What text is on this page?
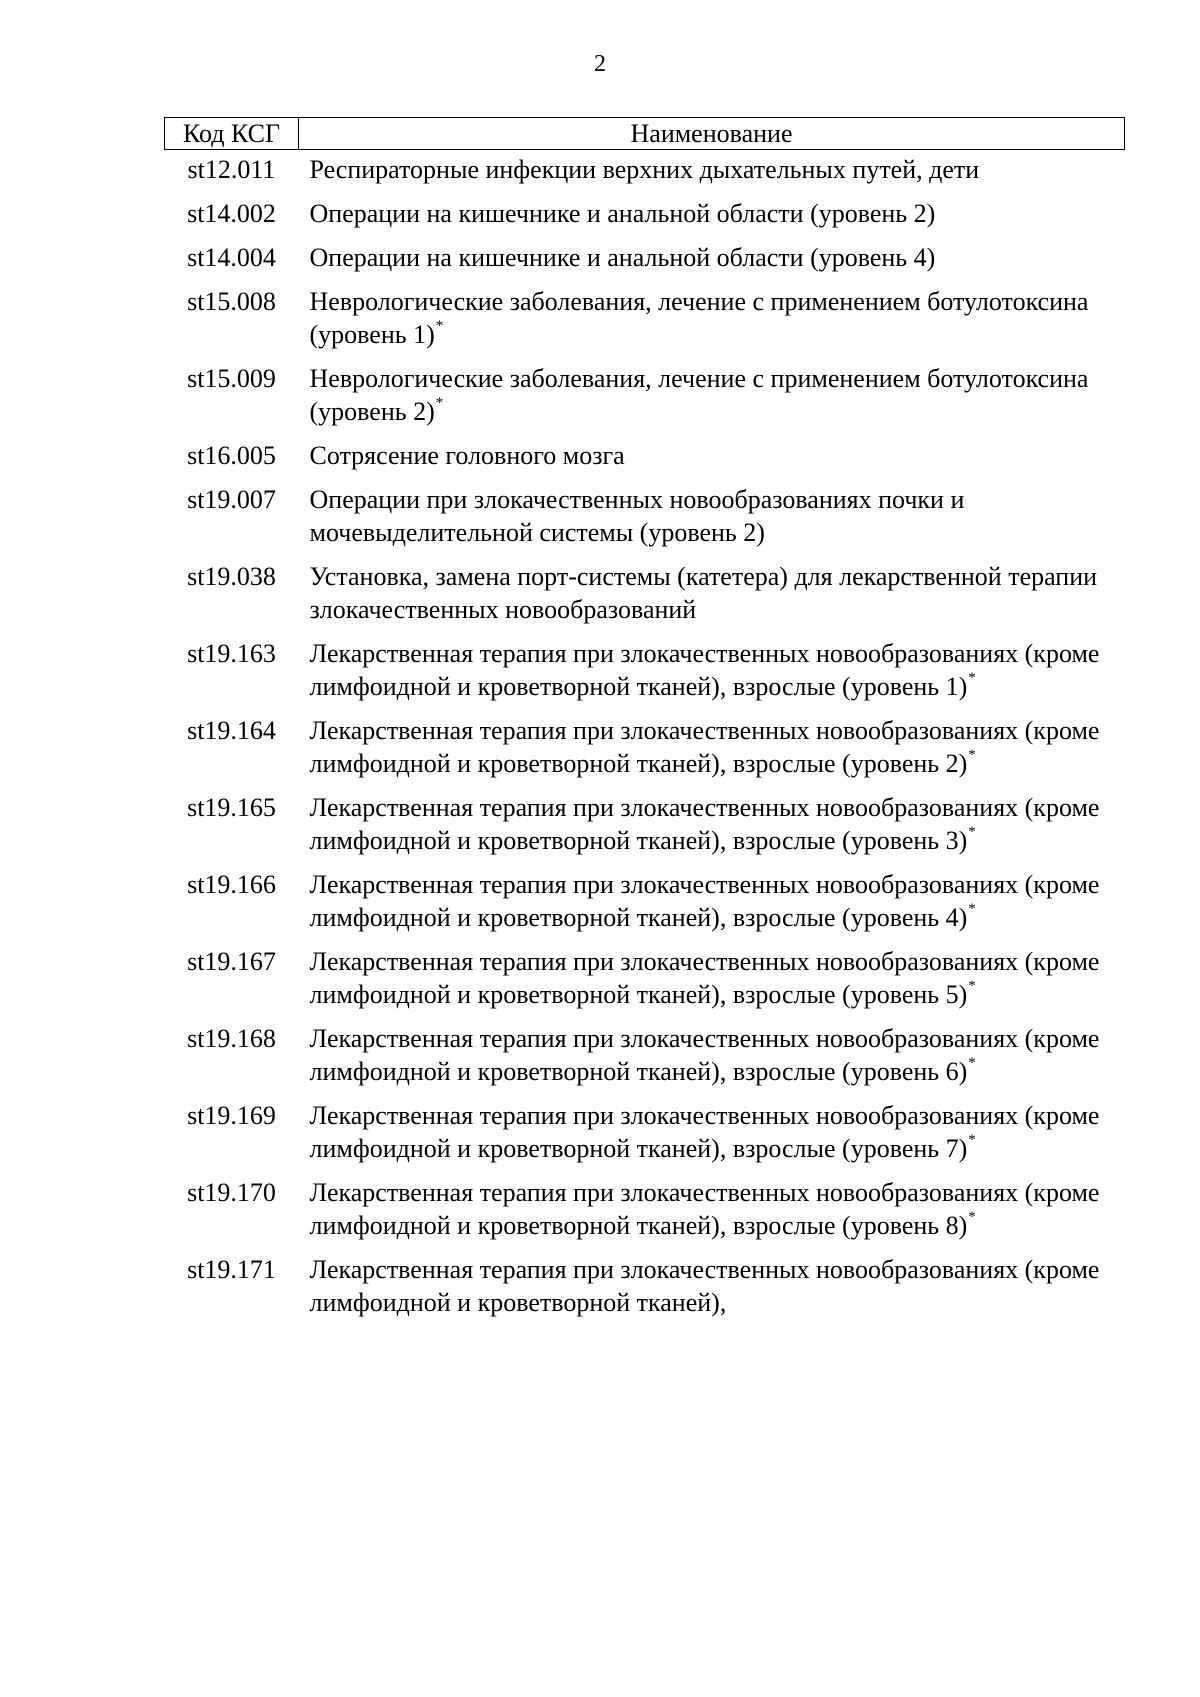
2
Код КСГ	Наименование
st12.011	Респираторные инфекции верхних дыхательных путей, дети
st14.002	Операции на кишечнике и анальной области (уровень 2)
st14.004	Операции на кишечнике и анальной области (уровень 4)
st15.008	Неврологические заболевания, лечение с применением ботулотоксина (уровень 1)*
st15.009	Неврологические заболевания, лечение с применением ботулотоксина (уровень 2)*
st16.005	Сотрясение головного мозга
st19.007	Операции при злокачественных новообразованиях почки и мочевыделительной системы (уровень 2)
st19.038	Установка, замена порт-системы (катетера) для лекарственной терапии злокачественных новообразований
st19.163	Лекарственная терапия при злокачественных новообразованиях (кроме лимфоидной и кроветворной тканей), взрослые (уровень 1)*
st19.164	Лекарственная терапия при злокачественных новообразованиях (кроме лимфоидной и кроветворной тканей), взрослые (уровень 2)*
st19.165	Лекарственная терапия при злокачественных новообразованиях (кроме лимфоидной и кроветворной тканей), взрослые (уровень 3)*
st19.166	Лекарственная терапия при злокачественных новообразованиях (кроме лимфоидной и кроветворной тканей), взрослые (уровень 4)*
st19.167	Лекарственная терапия при злокачественных новообразованиях (кроме лимфоидной и кроветворной тканей), взрослые (уровень 5)*
st19.168	Лекарственная терапия при злокачественных новообразованиях (кроме лимфоидной и кроветворной тканей), взрослые (уровень 6)*
st19.169	Лекарственная терапия при злокачественных новообразованиях (кроме лимфоидной и кроветворной тканей), взрослые (уровень 7)*
st19.170	Лекарственная терапия при злокачественных новообразованиях (кроме лимфоидной и кроветворной тканей), взрослые (уровень 8)*
st19.171	Лекарственная терапия при злокачественных новообразованиях (кроме лимфоидной и кроветворной тканей),
